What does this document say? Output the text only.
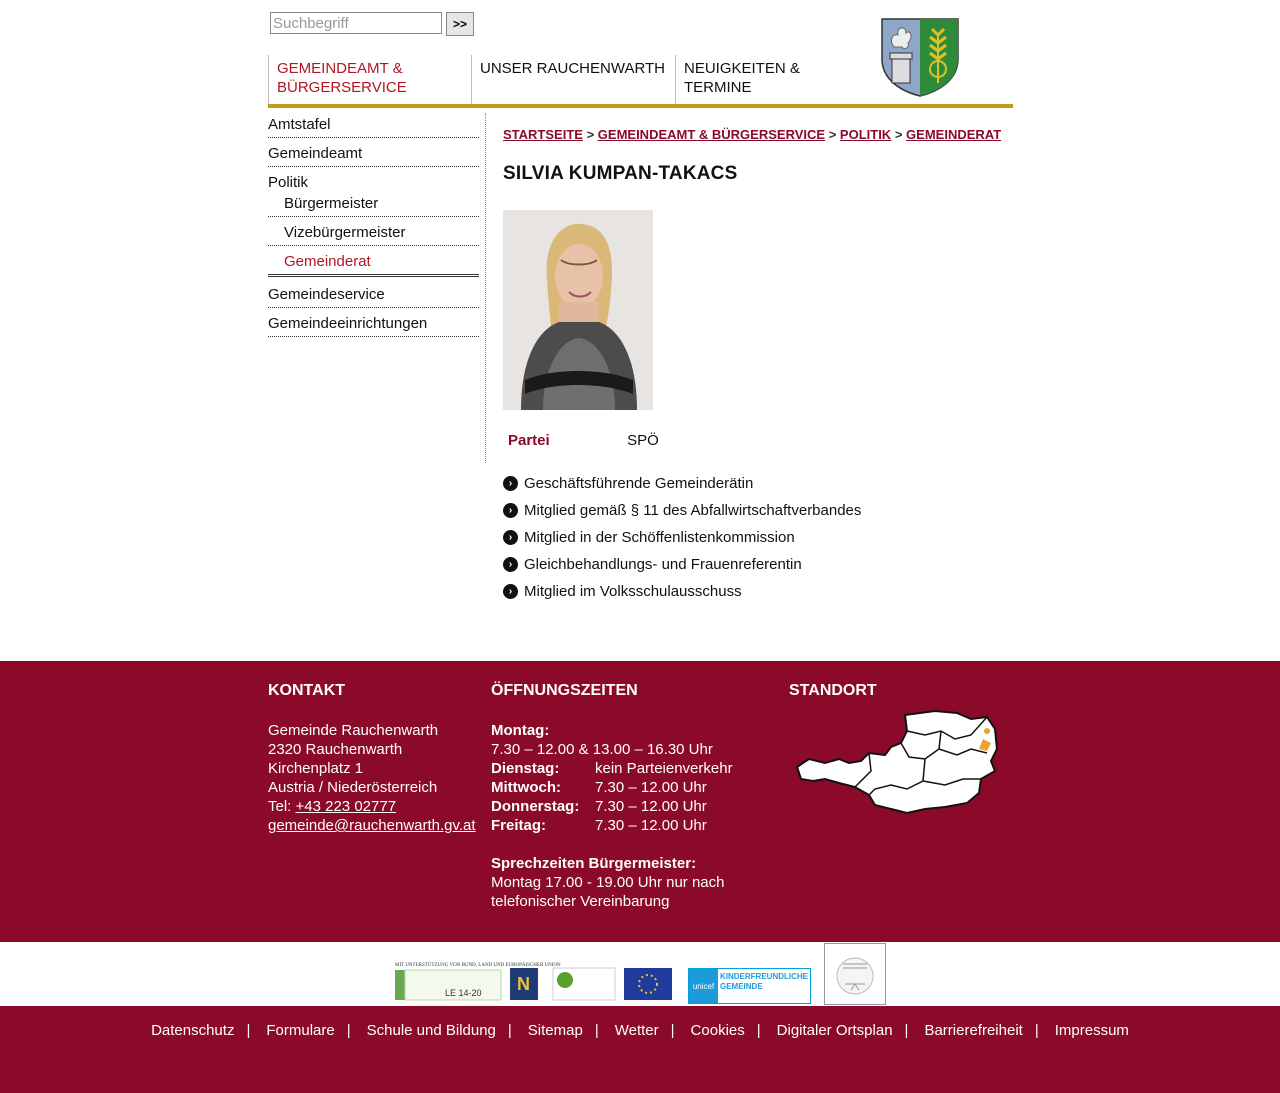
Suchbegriff
>>
GEMEINDEAMT & BÜRGERSERVICE
UNSER RAUCHENWARTH	NEUIGKEITEN & TERMINE
Amtstafel
Gemeindeamt
Politik
Bürgermeister
Vizebürgermeister
Gemeinderat
Gemeindeservice
Gemeindeeinrichtungen
STARTSEITE > GEMEINDEAMT & BÜRGERSERVICE > POLITIK > GEMEINDERAT
SILVIA KUMPAN-TAKACS
Partei	SPÖ
› Geschäftsführende Gemeinderätin
› Mitglied gemäß § 11 des Abfallwirtschaftverbandes
› Mitglied in der Schöffenlistenkommission
› Gleichbehandlungs- und Frauenreferentin
› Mitglied im Volksschulausschuss
KONTAKT
Gemeinde Rauchenwarth
2320 Rauchenwarth
Kirchenplatz 1
Austria / Niederösterreich
Tel: +43 223 02777
gemeinde@rauchenwarth.gv.at
ÖFFNUNGSZEITEN
Montag:
7.30 – 12.00 & 13.00 – 16.30 Uhr
Dienstag:	kein Parteienverkehr
Mittwoch:	7.30 – 12.00 Uhr
Donnerstag:	7.30 – 12.00 Uhr
Freitag:	7.30 – 12.00 Uhr
Sprechzeiten Bürgermeister:
Montag 17.00 - 19.00 Uhr nur nach
telefonischer Vereinbarung
STANDORT
MIT UNTERSTÜTZUNG VON BUND, LAND UND EUROPÄISCHER UNION
LE 14-20 N	unicef
KINDERFREUNDLICHE
GEMEINDE
Datenschutz | Formulare | Schule und Bildung | Sitemap | Wetter | Cookies | Digitaler Ortsplan | Barrierefreiheit | Impressum
